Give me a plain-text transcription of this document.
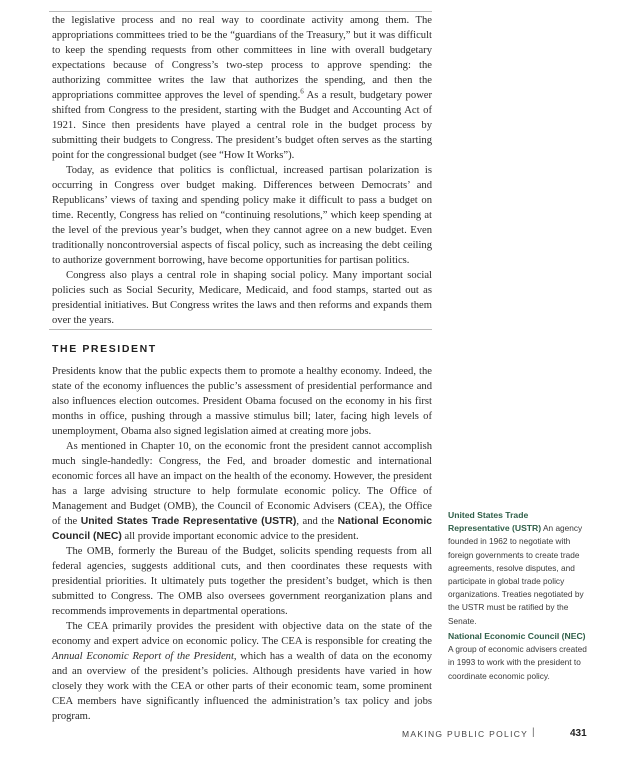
the legislative process and no real way to coordinate activity among them. The appropriations committees tried to be the “guardians of the Treasury,” but it was difficult to keep the spending requests from other committees in line with overall budgetary expectations because of Congress’s two-step process to approve spending: the authorizing committee writes the law that authorizes the spending, and then the appropriations committee approves the level of spending.$^6$ As a result, budgetary power shifted from Congress to the president, starting with the Budget and Accounting Act of 1921. Since then presidents have played a central role in the budget process by submitting their budgets to Congress. The president’s budget often serves as the starting point for the congressional budget (see “How It Works”).

Today, as evidence that politics is conflictual, increased partisan polarization is occurring in Congress over budget making. Differences between Democrats’ and Republicans’ views of taxing and spending policy make it difficult to pass a budget on time. Recently, Congress has relied on “continuing resolutions,” which keep spending at the level of the previous year’s budget, when they cannot agree on a new budget. Even traditionally noncontroversial aspects of fiscal policy, such as increasing the debt ceiling to authorize government borrowing, have become opportunities for partisan politics.

Congress also plays a central role in shaping social policy. Many important social policies such as Social Security, Medicare, Medicaid, and food stamps, started out as presidential initiatives. But Congress writes the laws and then reforms and expands them over the years.

THE PRESIDENT

Presidents know that the public expects them to promote a healthy economy. Indeed, the state of the economy influences the public’s assessment of presidential performance and also influences election outcomes. President Obama focused on the economy in his first months in office, pushing through a massive stimulus bill; later, facing high levels of unemployment, Obama also signed legislation aimed at creating more jobs.

As mentioned in Chapter 10, on the economic front the president cannot accomplish much single-handedly: Congress, the Fed, and broader domestic and international economic forces all have an impact on the health of the economy. However, the president has a large advising structure to help formulate economic policy. The Office of Management and Budget (OMB), the Council of Economic Advisers (CEA), the Office of the United States Trade Representative (USTR), and the National Economic Council (NEC) all provide important economic advice to the president.

The OMB, formerly the Bureau of the Budget, solicits spending requests from all federal agencies, suggests additional cuts, and then coordinates these requests with presidential priorities. It ultimately puts together the president’s budget, which is then submitted to Congress. The OMB also oversees government reorganization plans and recommends improvements in departmental operations.

The CEA primarily provides the president with objective data on the state of the economy and expert advice on economic policy. The CEA is responsible for creating the Annual Economic Report of the President, which has a wealth of data on the economy and an overview of the president’s policies. Although presidents have varied in how closely they work with the CEA or other parts of their economic team, some prominent CEA members have significantly influenced the administration’s tax policy and jobs program.

United States Trade Representative (USTR) An agency founded in 1962 to negotiate with foreign governments to create trade agreements, resolve disputes, and participate in global trade policy organizations. Treaties negotiated by the USTR must be ratified by the Senate.
National Economic Council (NEC) A group of economic advisers created in 1993 to work with the president to coordinate economic policy.
MAKING PUBLIC POLICY |	431
